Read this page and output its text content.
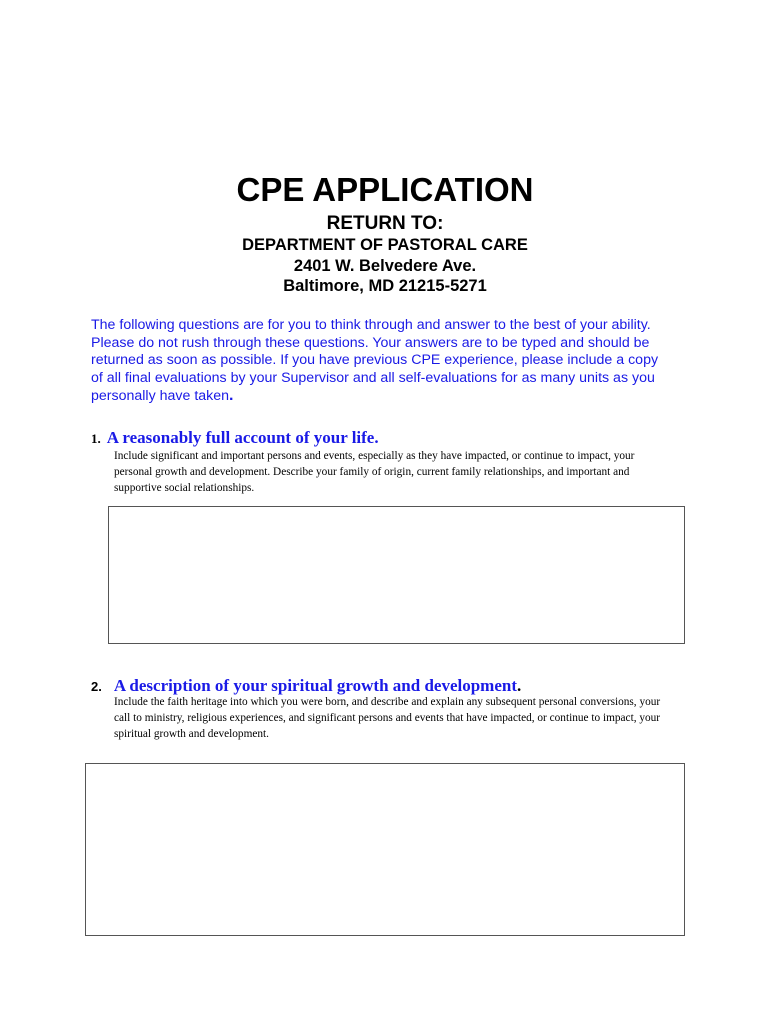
CPE APPLICATION
RETURN TO:
DEPARTMENT OF PASTORAL CARE
2401 W. Belvedere Ave.
Baltimore, MD 21215-5271
The following questions are for you to think through and answer to the best of your ability. Please do not rush through these questions. Your answers are to be typed and should be returned as soon as possible. If you have previous CPE experience, please include a copy of all final evaluations by your Supervisor and all self-evaluations for as many units as you personally have taken.
1. A reasonably full account of your life.
Include significant and important persons and events, especially as they have impacted, or continue to impact, your personal growth and development. Describe your family of origin, current family relationships, and important and supportive social relationships.
2. A description of your spiritual growth and development.
Include the faith heritage into which you were born, and describe and explain any subsequent personal conversions, your call to ministry, religious experiences, and significant persons and events that have impacted, or continue to impact, your spiritual growth and development.
